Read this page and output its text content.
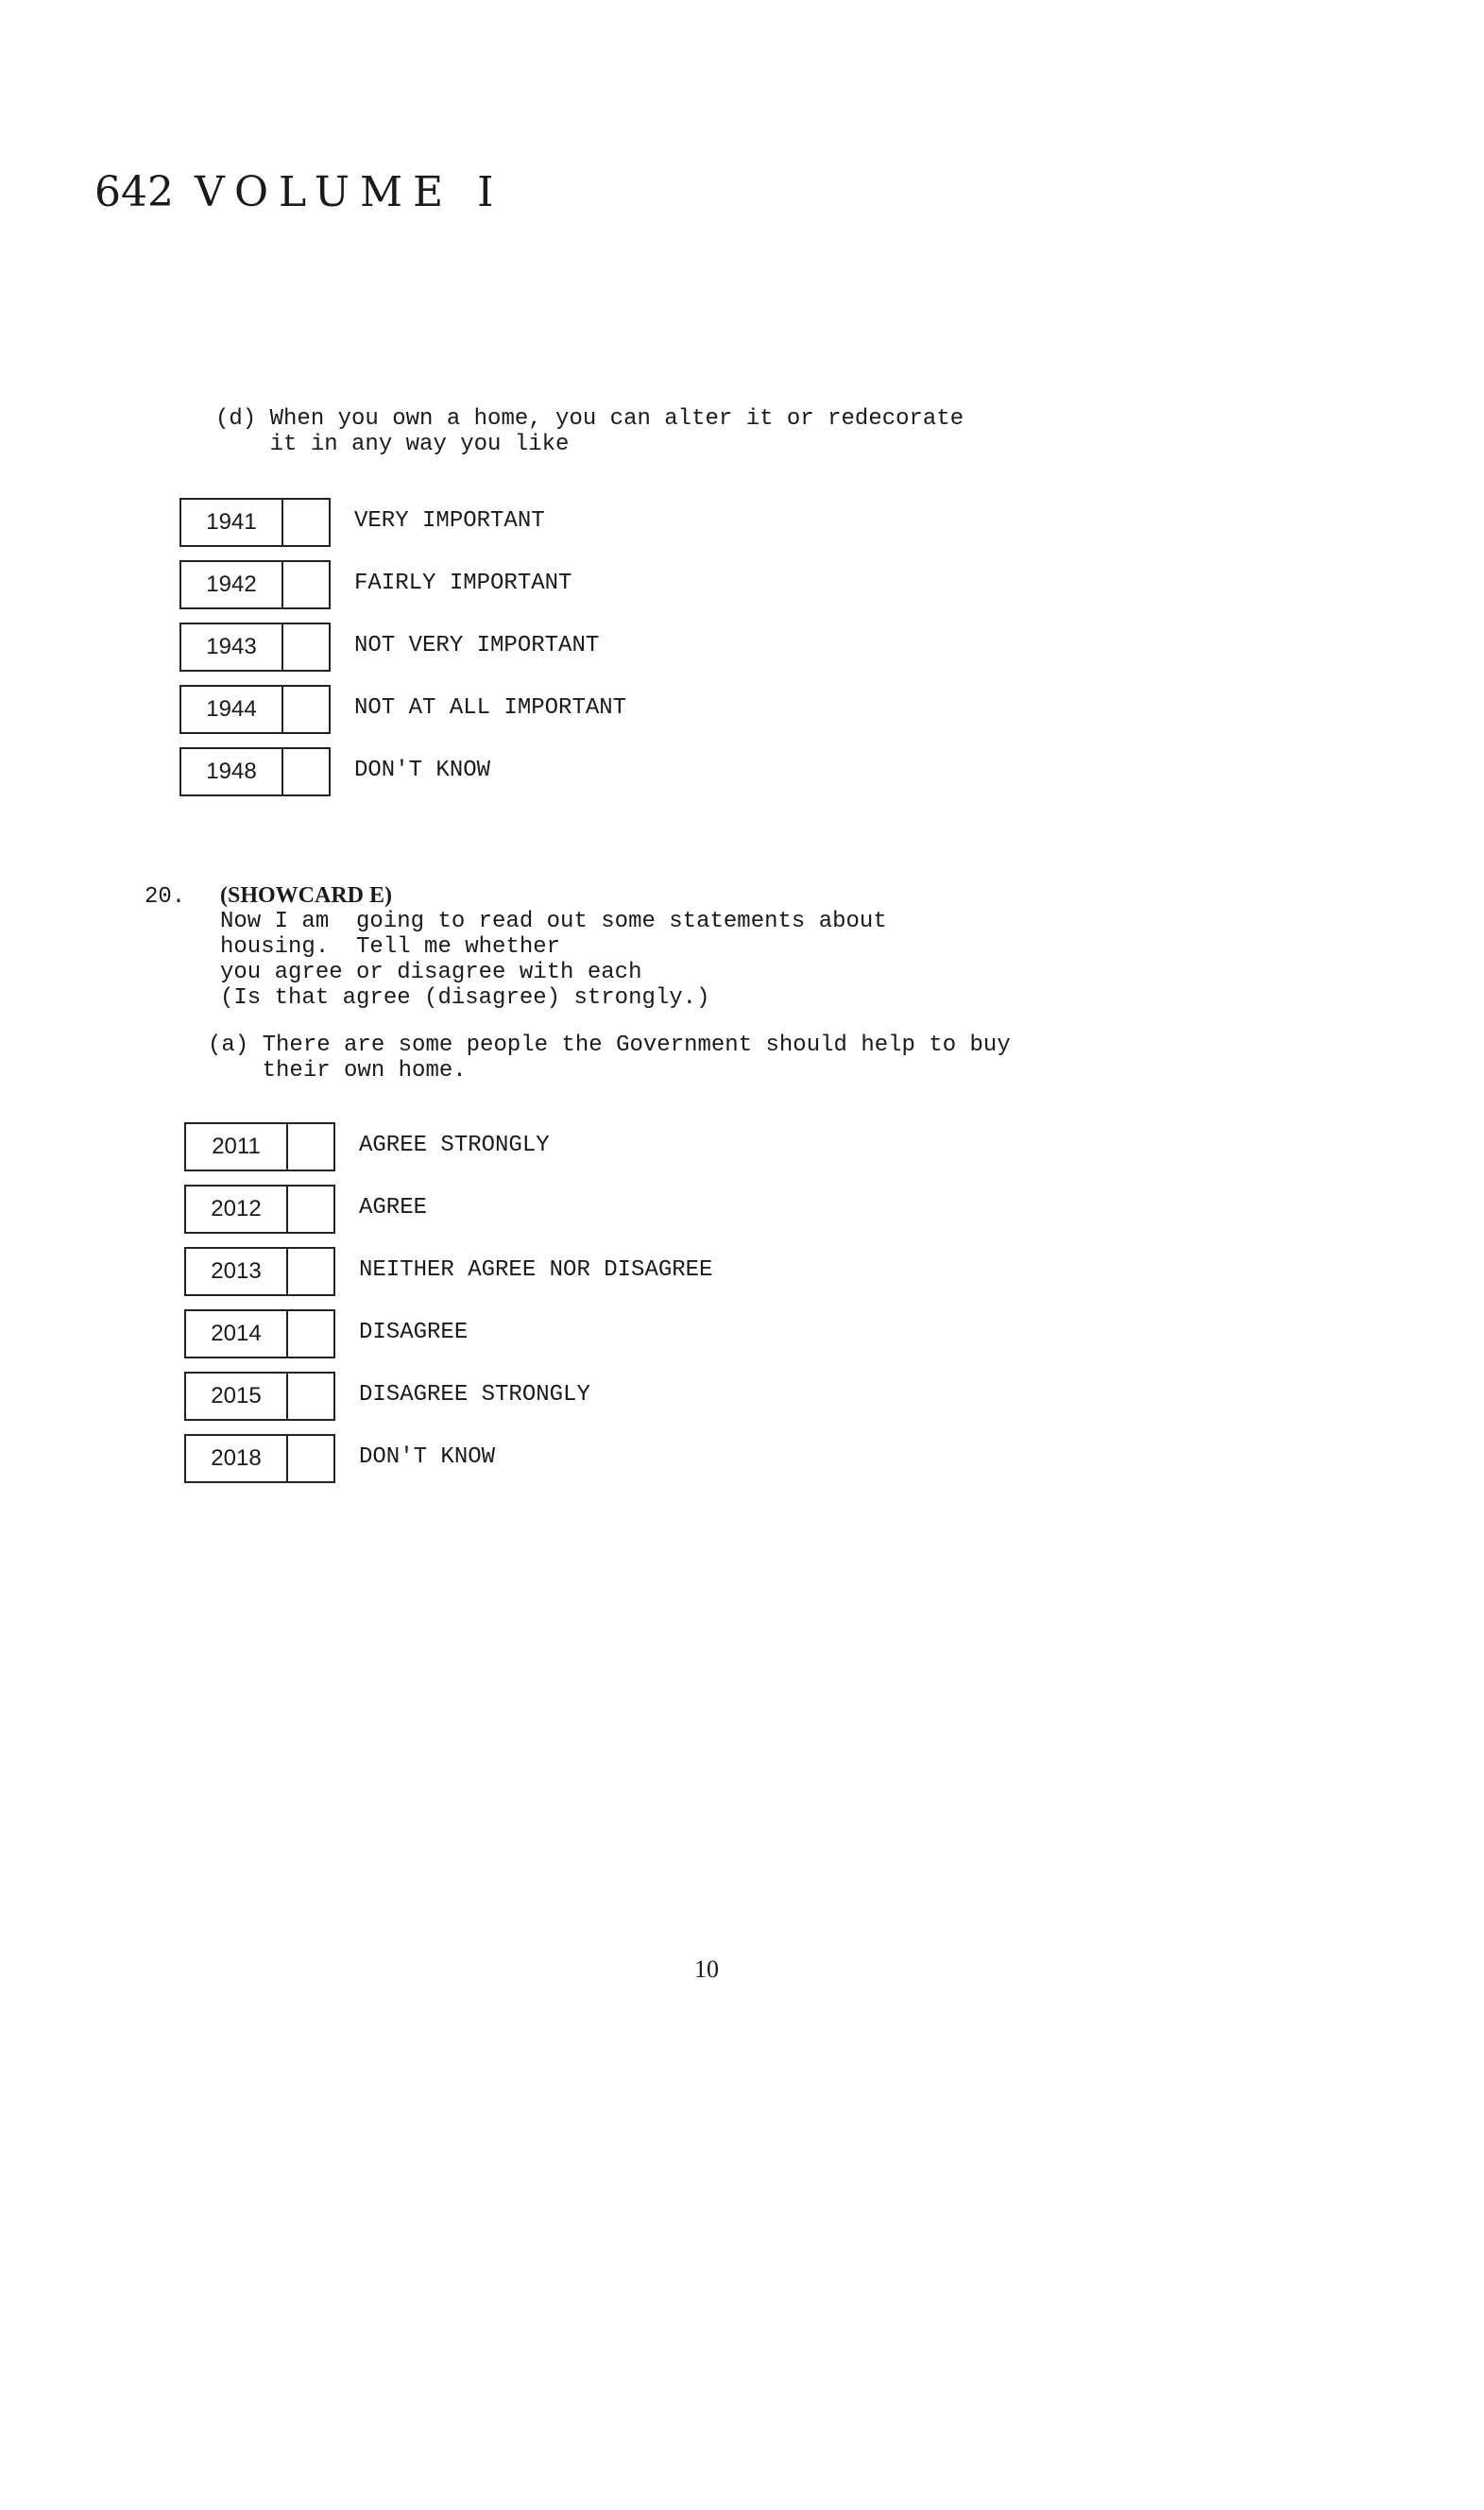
642 VOLUME I
(d) When you own a home, you can alter it or redecorate
it in any way you like
1941	VERY IMPORTANT
1942	FAIRLY IMPORTANT
1943	NOT VERY IMPORTANT
1944	NOT AT ALL IMPORTANT
1948	DON'T KNOW
20. (SHOWCARD E)
Now I am  going to read out some statements about
housing.  Tell me whether
you agree or disagree with each
(Is that agree (disagree) strongly.)
(a) There are some people the Government should help to buy
their own home.
2011	AGREE STRONGLY
2012	AGREE
2013	NEITHER AGREE NOR DISAGREE
2014	DISAGREE
2015	DISAGREE STRONGLY
2018	DON'T KNOW
10
